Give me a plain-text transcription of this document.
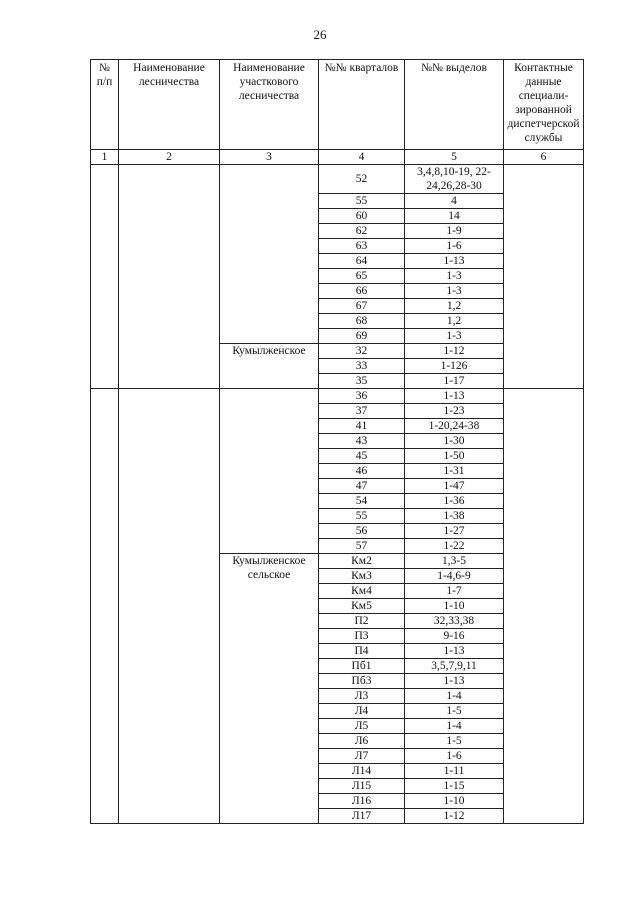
26
№ п/п	Наименование лесничества	Наименование участкового лесничества	№№ кварталов	№№ выделов	Контактные данные специали-зированной диспетчерской службы
1	2	3	4	5	6
			52	3,4,8,10-19, 22-24,26,28-30	
			55	4	
			60	14	
			62	1-9	
			63	1-6	
			64	1-13	
			65	1-3	
			66	1-3	
			67	1,2	
			68	1,2	
			69	1-3	
		Кумылженское	32	1-12	
			33	1-126	
			35	1-17	
			36	1-13	
			37	1-23	
			41	1-20,24-38	
			43	1-30	
			45	1-50	
			46	1-31	
			47	1-47	
			54	1-36	
			55	1-38	
			56	1-27	
			57	1-22	
		Кумылженское сельское	Км2	1,3-5	
			Км3	1-4,6-9	
			Км4	1-7	
			Км5	1-10	
			П2	32,33,38	
			П3	9-16	
			П4	1-13	
			Пб1	3,5,7,9,11	
			Пб3	1-13	
			Л3	1-4	
			Л4	1-5	
			Л5	1-4	
			Л6	1-5	
			Л7	1-6	
			Л14	1-11	
			Л15	1-15	
			Л16	1-10	
			Л17	1-12	
